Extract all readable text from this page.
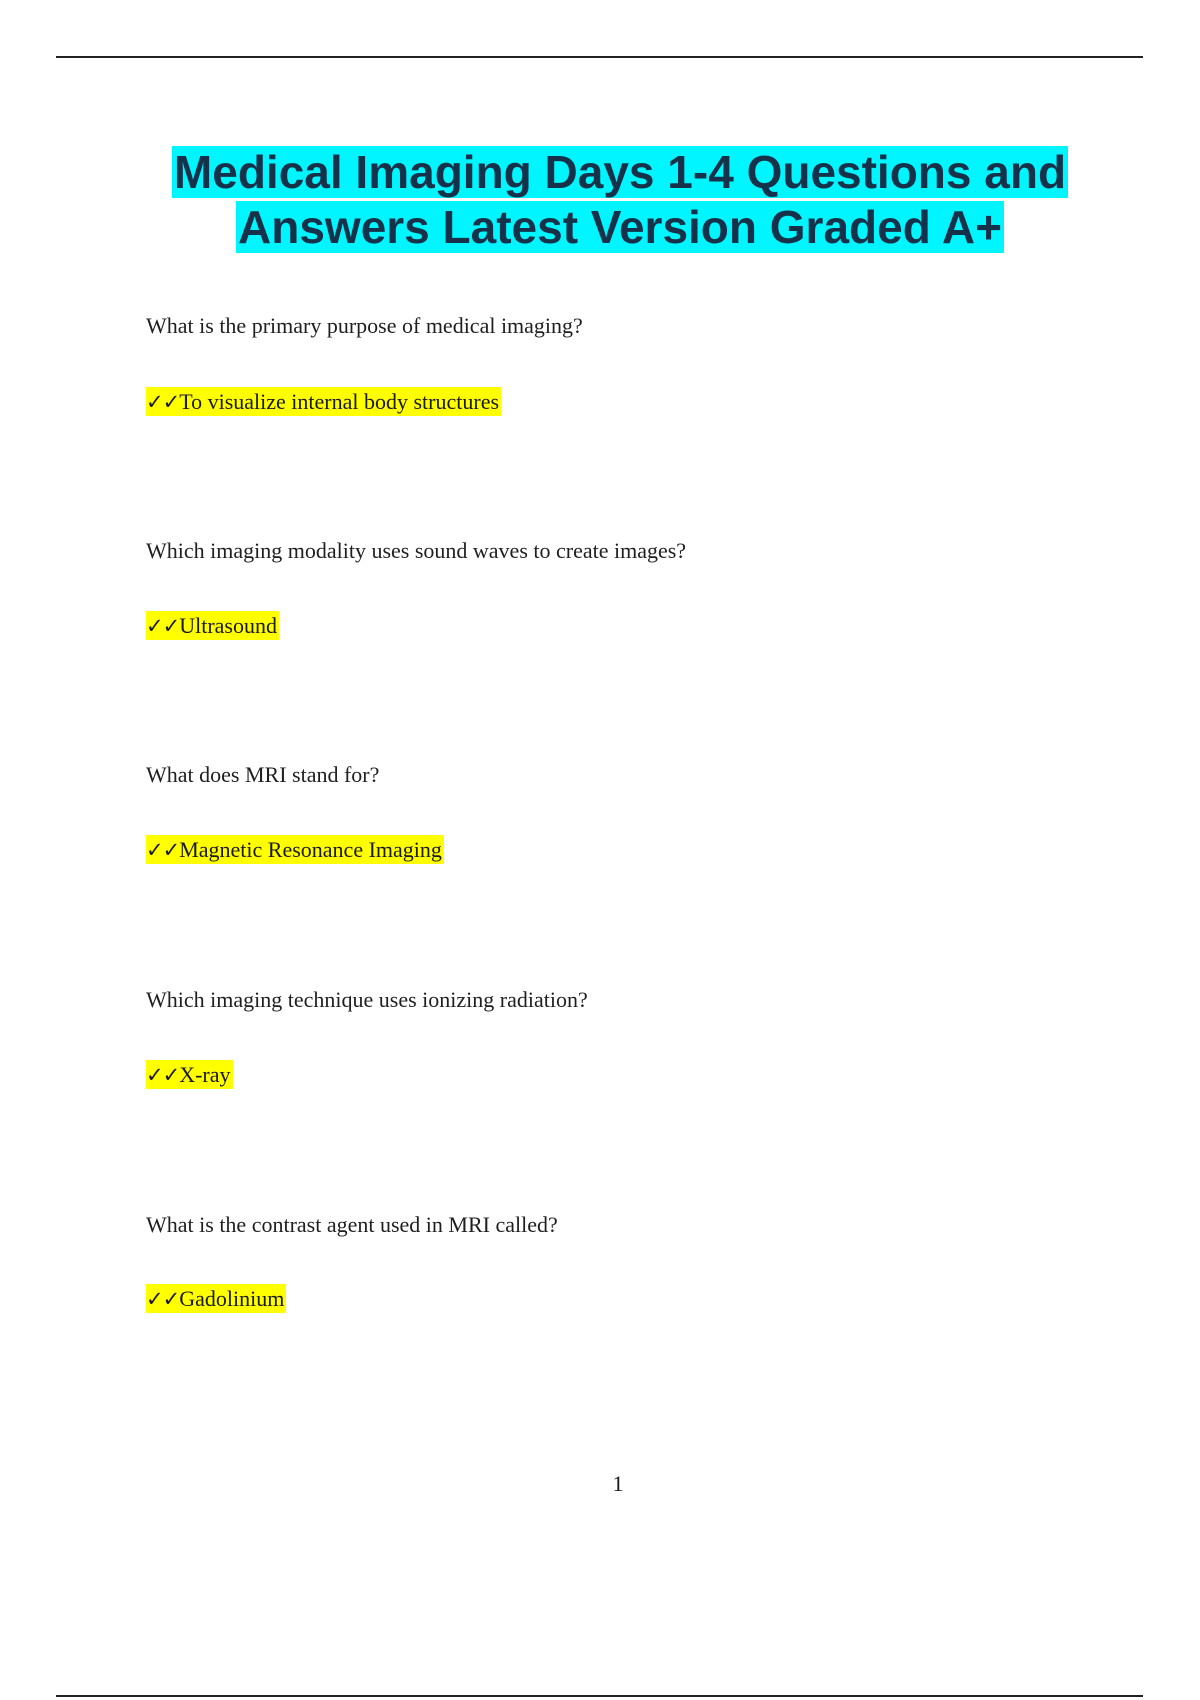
Medical Imaging Days 1-4 Questions and
Answers Latest Version Graded A+

What is the primary purpose of medical imaging?

✓✓To visualize internal body structures

Which imaging modality uses sound waves to create images?

✓✓Ultrasound

What does MRI stand for?

✓✓Magnetic Resonance Imaging

Which imaging technique uses ionizing radiation?

✓✓X-ray

What is the contrast agent used in MRI called?

✓✓Gadolinium

1
